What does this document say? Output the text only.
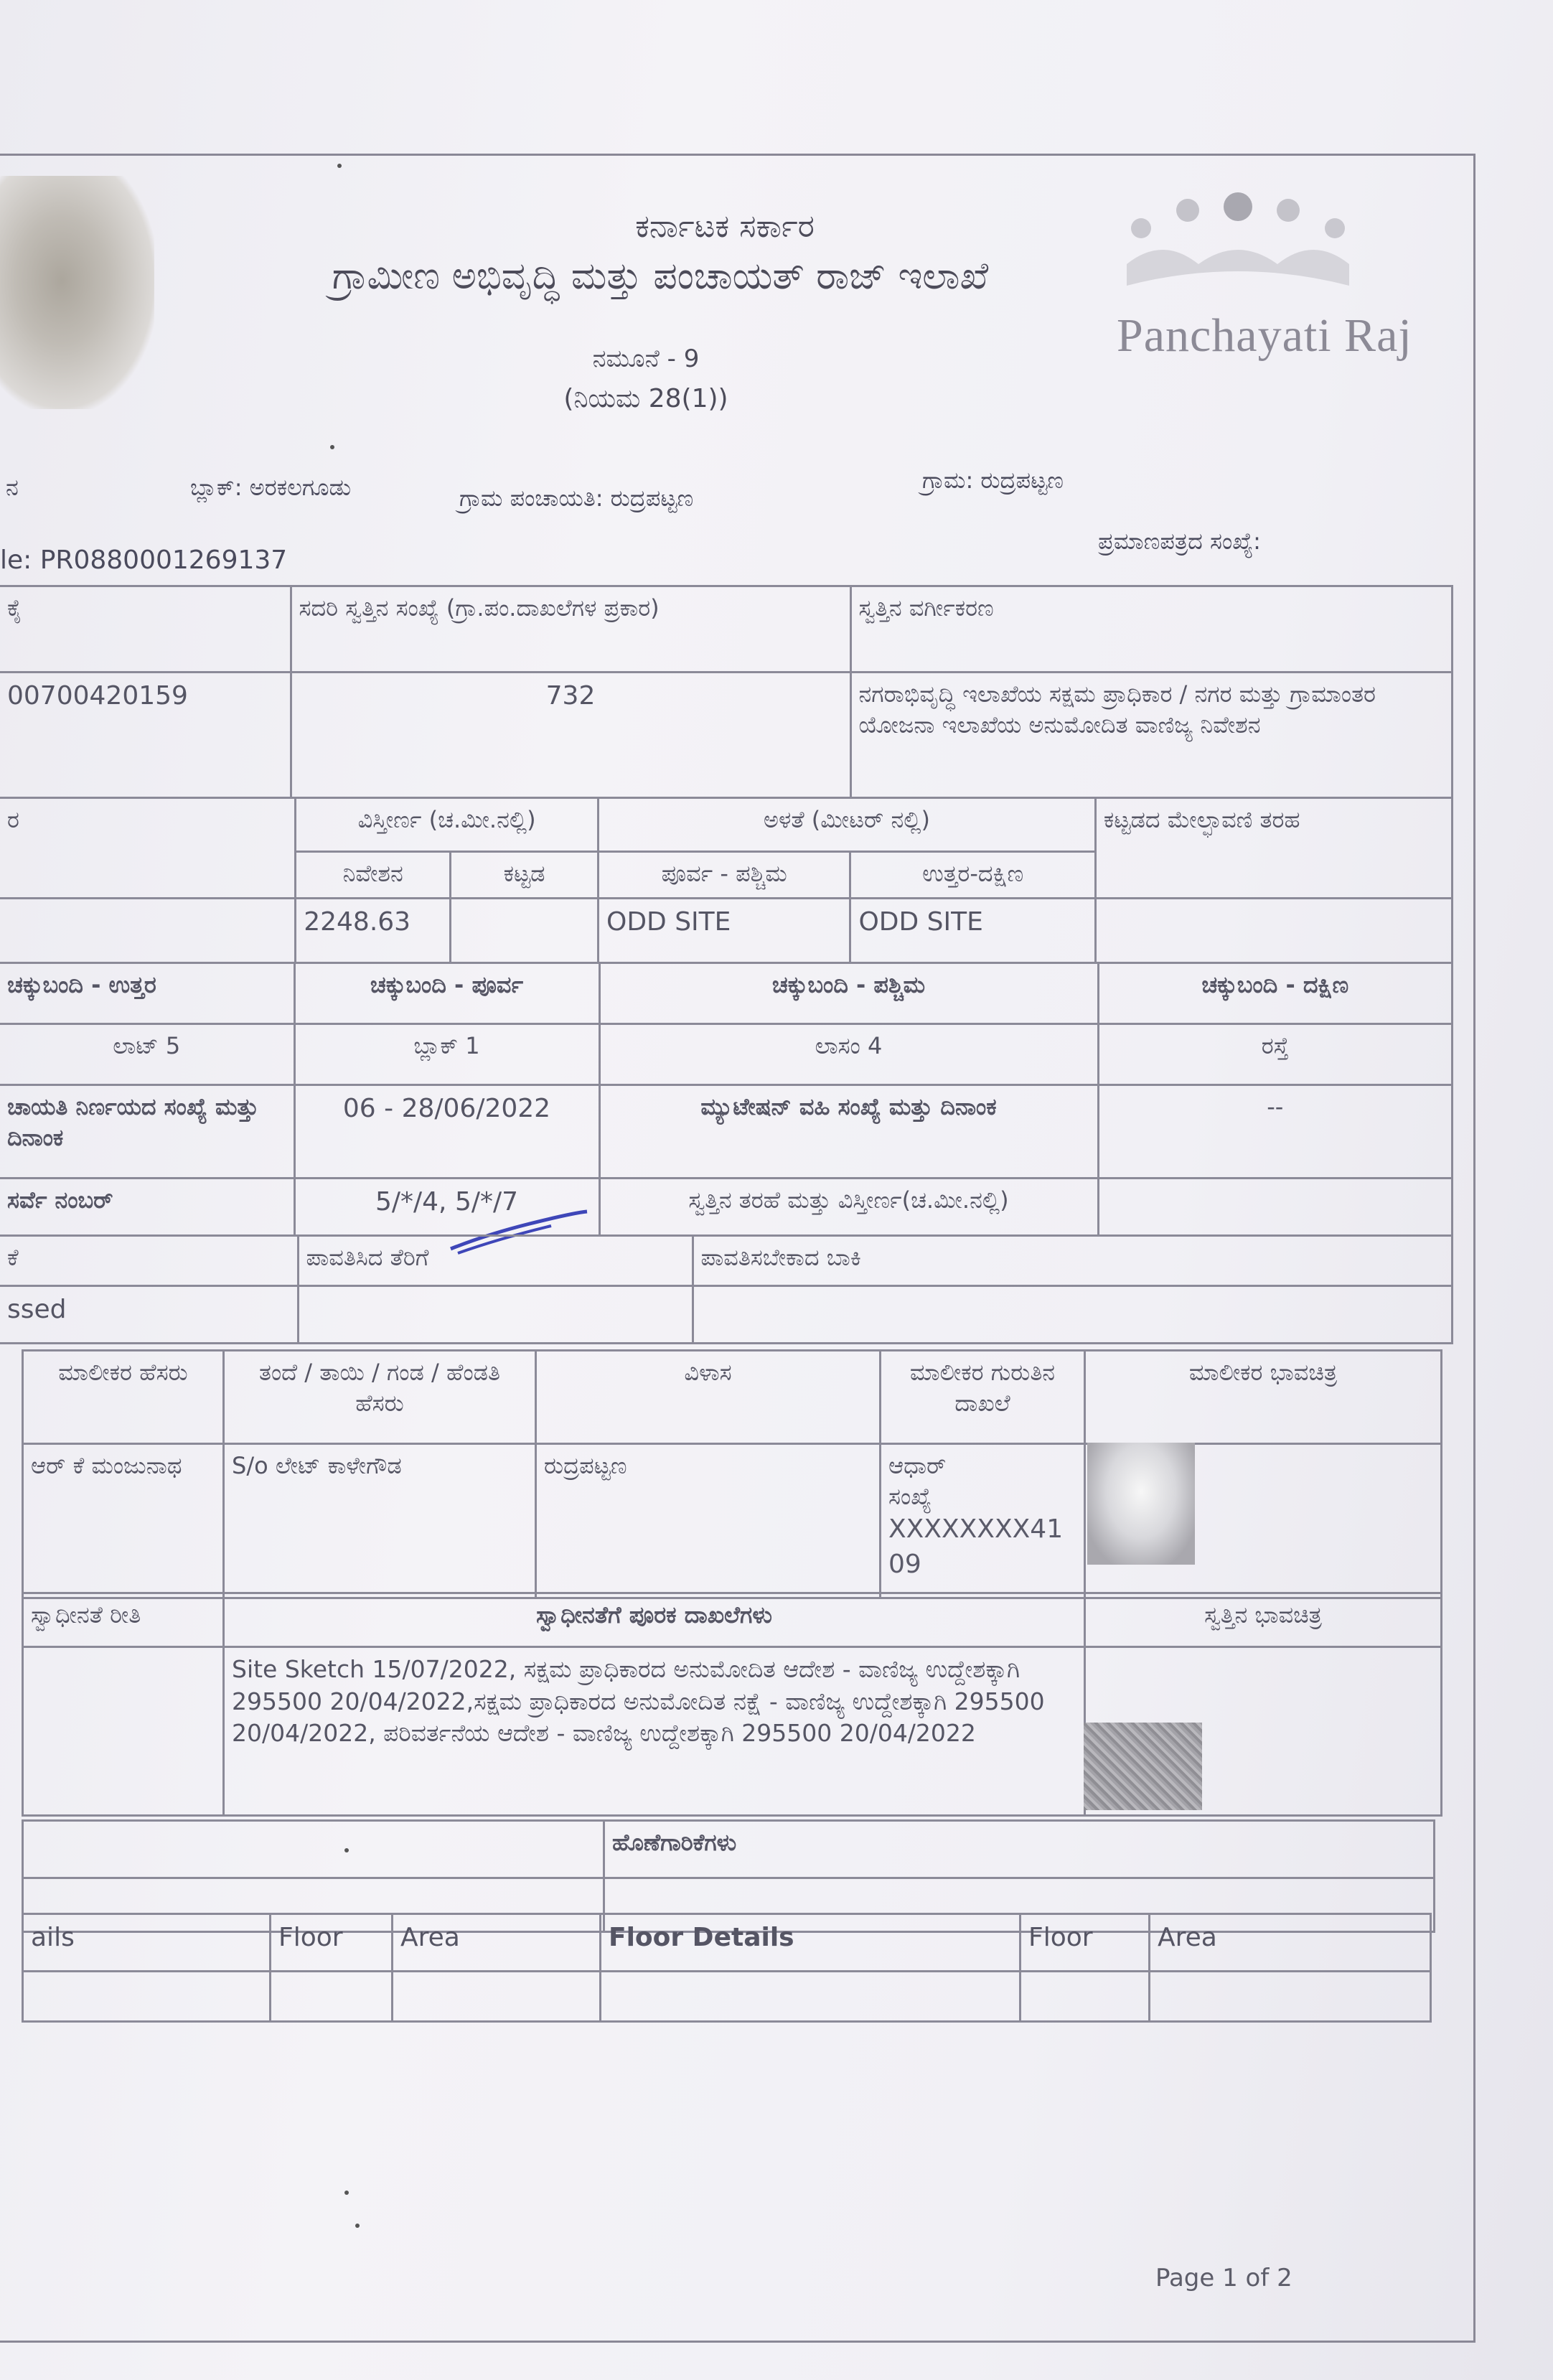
Panchayati Raj
ಕರ್ನಾಟಕ ಸರ್ಕಾರ
ಗ್ರಾಮೀಣ ಅಭಿವೃದ್ಧಿ ಮತ್ತು ಪಂಚಾಯತ್ ರಾಜ್ ಇಲಾಖೆ
ನಮೂನೆ - 9
(ನಿಯಮ 28(1))
ನ	ಬ್ಲಾಕ್: ಅರಕಲಗೂಡು	ಗ್ರಾಮ ಪಂಚಾಯತಿ: ರುದ್ರಪಟ್ಟಣ
ಗ್ರಾಮ: ರುದ್ರಪಟ್ಟಣ
le: PR0880001269137
ಪ್ರಮಾಣಪತ್ರದ ಸಂಖ್ಯೆ:
ಕೈ	ಸದರಿ ಸ್ವತ್ತಿನ ಸಂಖ್ಯೆ (ಗ್ರಾ.ಪಂ.ದಾಖಲೆಗಳ ಪ್ರಕಾರ)	ಸ್ವತ್ತಿನ ವರ್ಗೀಕರಣ
00700420159	732	ನಗರಾಭಿವೃದ್ಧಿ ಇಲಾಖೆಯ ಸಕ್ಷಮ ಪ್ರಾಧಿಕಾರ / ನಗರ ಮತ್ತು ಗ್ರಾಮಾಂತರ ಯೋಜನಾ ಇಲಾಖೆಯ ಅನುಮೋದಿತ ವಾಣಿಜ್ಯ ನಿವೇಶನ
ರ	ವಿಸ್ತೀರ್ಣ (ಚ.ಮೀ.ನಲ್ಲಿ)		ಅಳತೆ (ಮೀಟರ್ ನಲ್ಲಿ)		ಕಟ್ಟಡದ ಮೇಲ್ಛಾವಣಿ ತರಹ
	ನಿವೇಶನ	ಕಟ್ಟಡ	ಪೂರ್ವ - ಪಶ್ಚಿಮ	ಉತ್ತರ-ದಕ್ಷಿಣ	
	2248.63		ODD SITE	ODD SITE	
ಚಕ್ಕುಬಂದಿ - ಉತ್ತರ	ಚಕ್ಕುಬಂದಿ - ಪೂರ್ವ	ಚಕ್ಕುಬಂದಿ - ಪಶ್ಚಿಮ	ಚಕ್ಕುಬಂದಿ - ದಕ್ಷಿಣ
ಲಾಟ್ 5	ಬ್ಲಾಕ್ 1	ಲಾಸಂ 4	ರಸ್ತೆ
ಚಾಯತಿ ನಿರ್ಣಯದ ಸಂಖ್ಯೆ ಮತ್ತು ದಿನಾಂಕ	06 - 28/06/2022	ಮ್ಯುಟೇಷನ್ ವಹಿ ಸಂಖ್ಯೆ ಮತ್ತು ದಿನಾಂಕ	--
ಸರ್ವೆ ನಂಬರ್	5/*/4, 5/*/7	ಸ್ವತ್ತಿನ ತರಹೆ ಮತ್ತು ವಿಸ್ತೀರ್ಣ(ಚ.ಮೀ.ನಲ್ಲಿ)	
ಕೆ	ಪಾವತಿಸಿದ ತೆರಿಗೆ	ಪಾವತಿಸಬೇಕಾದ ಬಾಕಿ
ssed		
ಮಾಲೀಕರ ಹೆಸರು	ತಂದೆ / ತಾಯಿ / ಗಂಡ / ಹೆಂಡತಿ ಹೆಸರು	ವಿಳಾಸ	ಮಾಲೀಕರ ಗುರುತಿನ ದಾಖಲೆ	ಮಾಲೀಕರ ಭಾವಚಿತ್ರ
ಆರ್ ಕೆ ಮಂಜುನಾಥ	S/o ಲೇಟ್ ಕಾಳೇಗೌಡ	ರುದ್ರಪಟ್ಟಣ	ಆಧಾರ್
ಸಂಖ್ಯೆ
XXXXXXXX4109	

ಸ್ವಾಧೀನತೆ ರೀತಿ	ಸ್ವಾಧೀನತೆಗೆ ಪೂರಕ ದಾಖಲೆಗಳು	ಸ್ವತ್ತಿನ ಭಾವಚಿತ್ರ
	Site Sketch 15/07/2022, ಸಕ್ಷಮ ಪ್ರಾಧಿಕಾರದ ಅನುಮೋದಿತ ಆದೇಶ - ವಾಣಿಜ್ಯ ಉದ್ದೇಶಕ್ಕಾಗಿ 295500 20/04/2022,ಸಕ್ಷಮ ಪ್ರಾಧಿಕಾರದ ಅನುಮೋದಿತ ನಕ್ಷೆ - ವಾಣಿಜ್ಯ ಉದ್ದೇಶಕ್ಕಾಗಿ 295500 20/04/2022, ಪರಿವರ್ತನೆಯ ಆದೇಶ - ವಾಣಿಜ್ಯ ಉದ್ದೇಶಕ್ಕಾಗಿ 295500 20/04/2022	
	ಹೊಣೆಗಾರಿಕೆಗಳು

ails	Floor	Area	Floor Details	Floor	Area

Page 1 of 2
